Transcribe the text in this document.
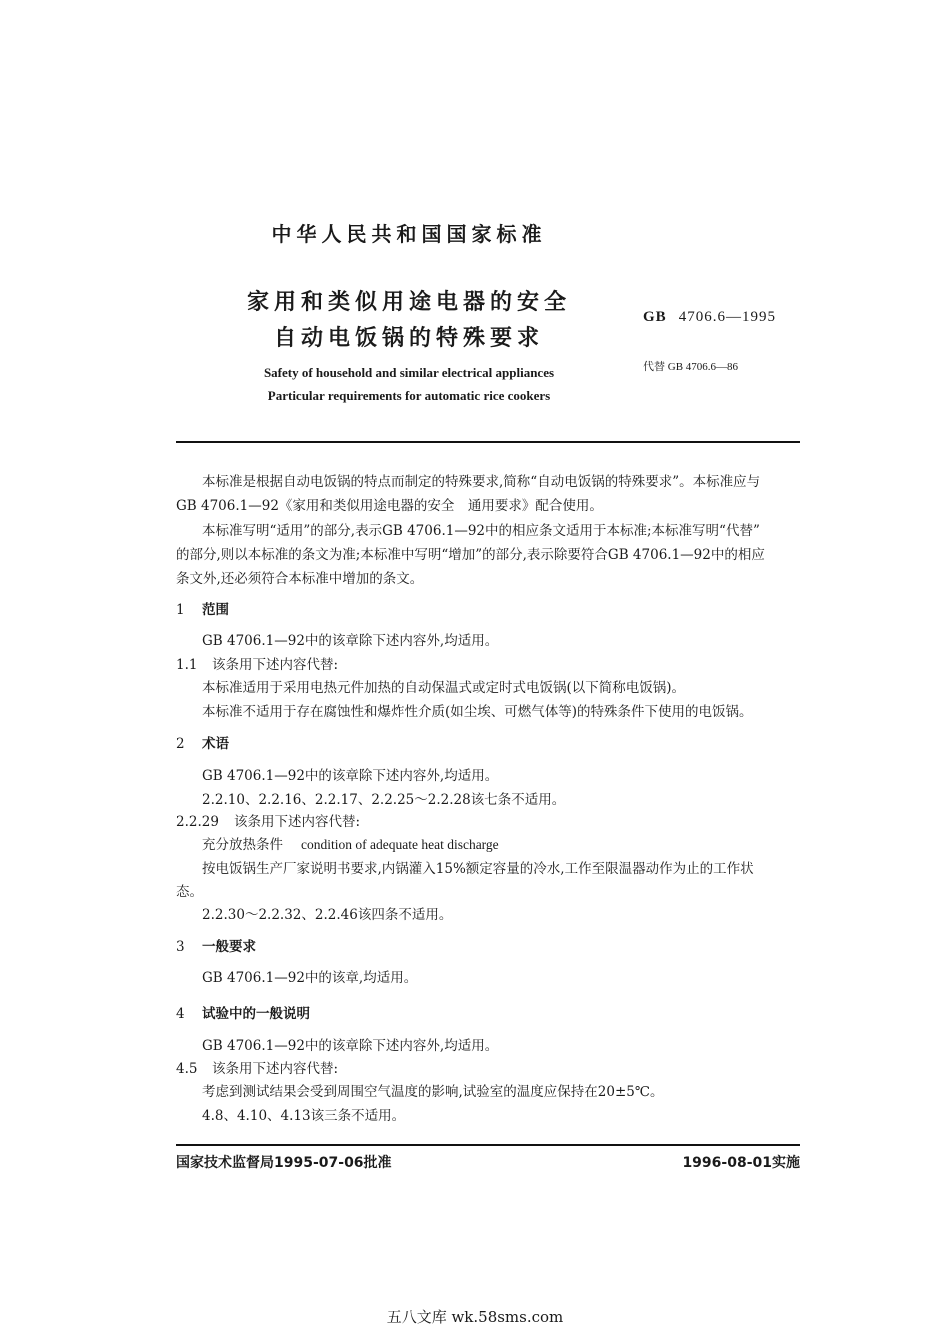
中华人民共和国国家标准
家用和类似用途电器的安全
自动电饭锅的特殊要求
Safety of household and similar electrical appliances
Particular requirements for automatic rice cookers
GB 4706.6—1995
代替 GB 4706.6—86
本标准是根据自动电饭锅的特点而制定的特殊要求,简称“自动电饭锅的特殊要求”。本标准应与
GB 4706.1—92《家用和类似用途电器的安全　通用要求》配合使用。
本标准写明“适用”的部分,表示GB 4706.1—92中的相应条文适用于本标准;本标准写明“代替”
的部分,则以本标准的条文为准;本标准中写明“增加”的部分,表示除要符合GB 4706.1—92中的相应
条文外,还必须符合本标准中增加的条文。
1 范围
GB 4706.1—92中的该章除下述内容外,均适用。
1.1 该条用下述内容代替:
本标准适用于采用电热元件加热的自动保温式或定时式电饭锅(以下简称电饭锅)。
本标准不适用于存在腐蚀性和爆炸性介质(如尘埃、可燃气体等)的特殊条件下使用的电饭锅。
2 术语
GB 4706.1—92中的该章除下述内容外,均适用。
2.2.10、2.2.16、2.2.17、2.2.25～2.2.28该七条不适用。
2.2.29 该条用下述内容代替:
充分放热条件 condition of adequate heat discharge
按电饭锅生产厂家说明书要求,内锅灌入15%额定容量的冷水,工作至限温器动作为止的工作状
态。
2.2.30～2.2.32、2.2.46该四条不适用。
3 一般要求
GB 4706.1—92中的该章,均适用。
4 试验中的一般说明
GB 4706.1—92中的该章除下述内容外,均适用。
4.5 该条用下述内容代替:
考虑到测试结果会受到周围空气温度的影响,试验室的温度应保持在20±5℃。
4.8、4.10、4.13该三条不适用。
国家技术监督局1995-07-06批准	1996-08-01实施
五八文库 wk.58sms.com
